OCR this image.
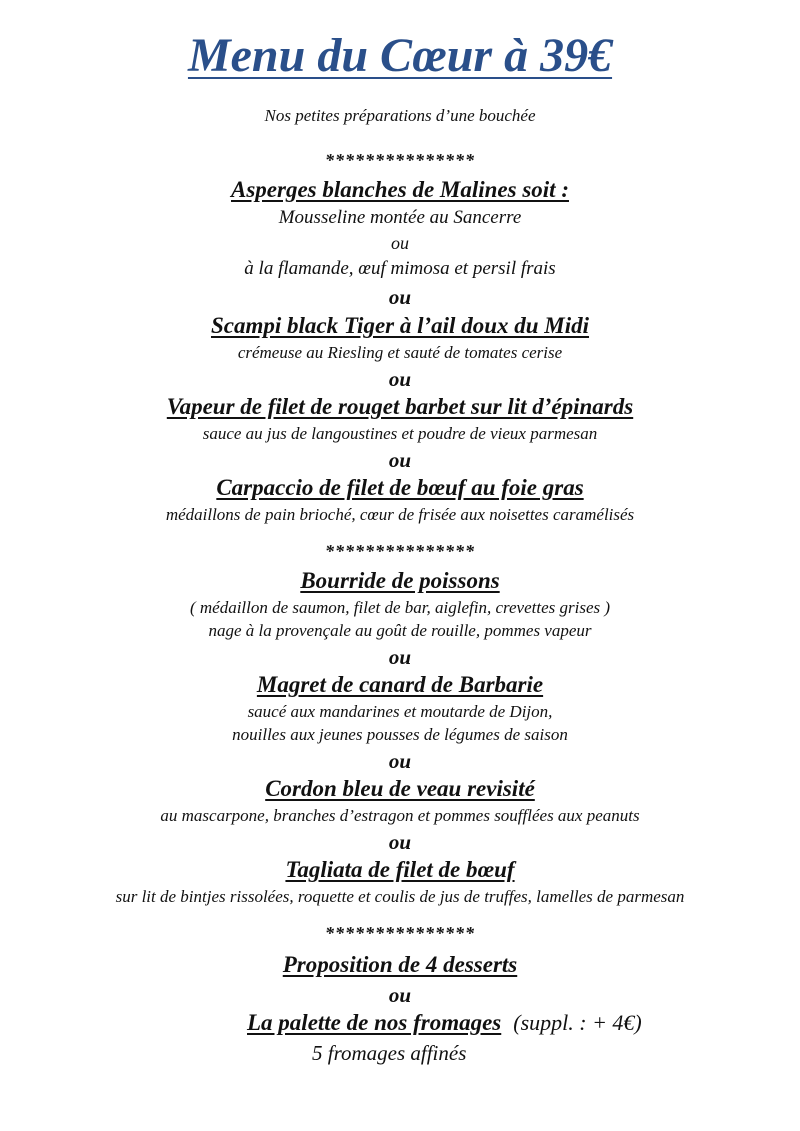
Menu du Cœur à 39€
Nos petites préparations d’une bouchée
***************
Asperges blanches de Malines soit :
Mousseline montée au Sancerre
ou
à la flamande, œuf mimosa et persil frais
ou
Scampi black Tiger à l’ail doux du Midi
crémeuse au Riesling et sauté de tomates cerise
ou
Vapeur de filet de rouget barbet sur lit d’épinards
sauce au jus de langoustines et poudre de vieux parmesan
ou
Carpaccio de filet de bœuf au foie gras
médaillons de pain brioché, cœur de frisée aux noisettes caramélisés
***************
Bourride de poissons
( médaillon de saumon, filet de bar, aiglefin, crevettes grises )
nage à la provençale au goût de rouille, pommes vapeur
ou
Magret de canard de Barbarie
saucé aux mandarines et moutarde de Dijon,
nouilles aux jeunes pousses de légumes de saison
ou
Cordon bleu de veau revisité
au mascarpone, branches d’estragon et pommes soufflées aux peanuts
ou
Tagliata de filet de bœuf
sur lit de bintjes rissolées, roquette et coulis de jus de truffes, lamelles de parmesan
***************
Proposition de 4 desserts
ou
La palette de nos fromages (suppl. : + 4€)
5 fromages affinés
